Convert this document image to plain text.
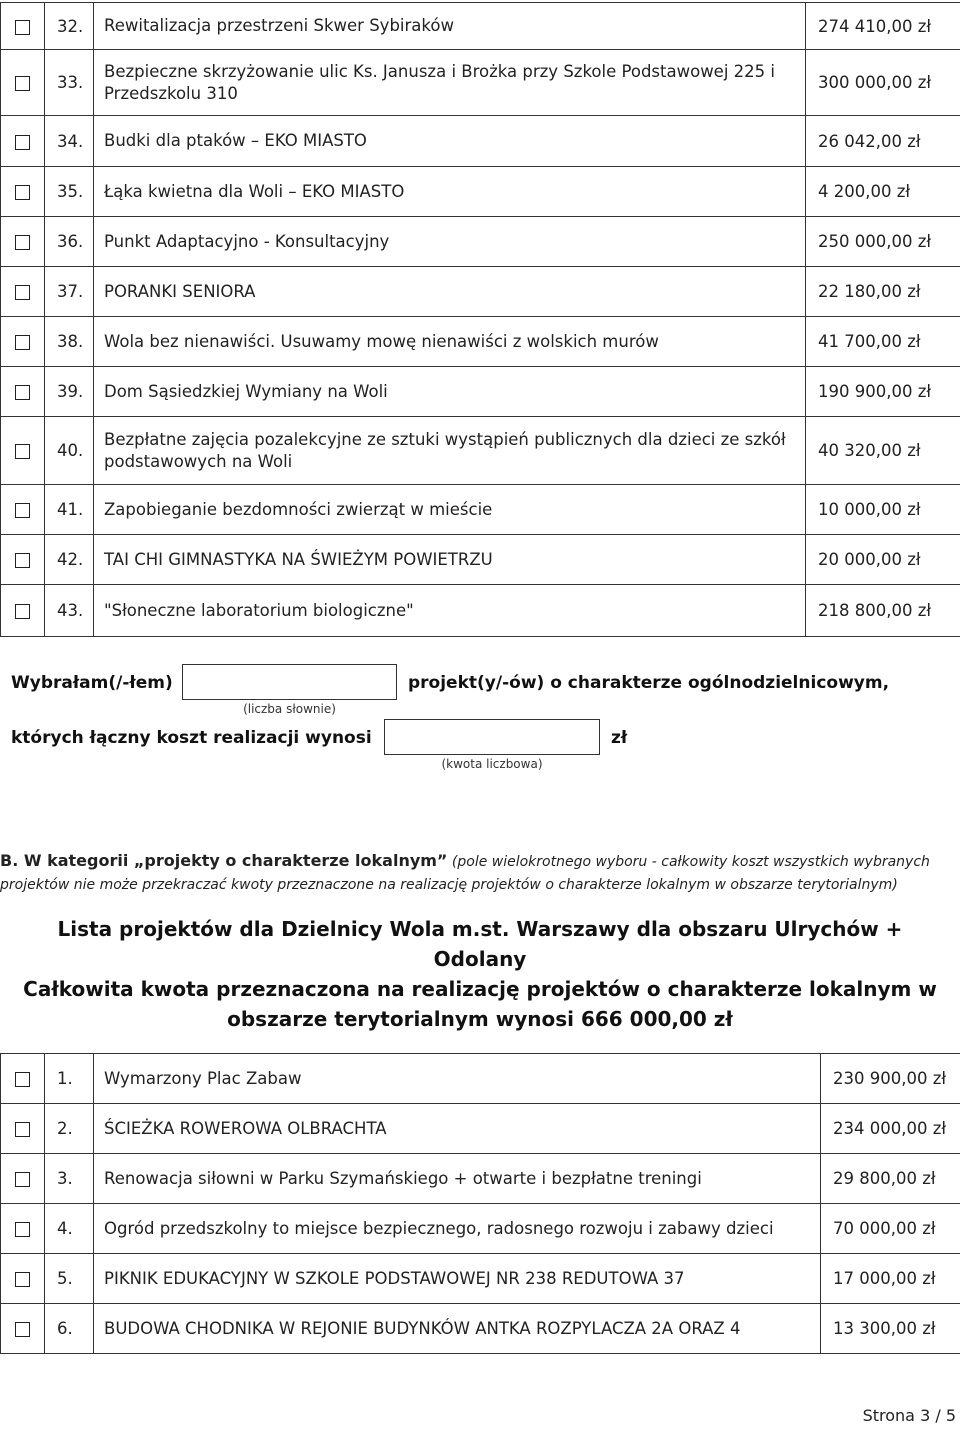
	32.	Rewitalizacja przestrzeni Skwer Sybiraków	274 410,00 zł
	33.	Bezpieczne skrzyżowanie ulic Ks. Janusza i Brożka przy Szkole Podstawowej 225 i Przedszkolu 310	300 000,00 zł
	34.	Budki dla ptaków – EKO MIASTO	26 042,00 zł
	35.	Łąka kwietna dla Woli – EKO MIASTO	4 200,00 zł
	36.	Punkt Adaptacyjno - Konsultacyjny	250 000,00 zł
	37.	PORANKI SENIORA	22 180,00 zł
	38.	Wola bez nienawiści. Usuwamy mowę nienawiści z wolskich murów	41 700,00 zł
	39.	Dom Sąsiedzkiej Wymiany na Woli	190 900,00 zł
	40.	Bezpłatne zajęcia pozalekcyjne ze sztuki wystąpień publicznych dla dzieci ze szkół podstawowych na Woli	40 320,00 zł
	41.	Zapobieganie bezdomności zwierząt w mieście	10 000,00 zł
	42.	TAI CHI GIMNASTYKA NA ŚWIEŻYM POWIETRZU	20 000,00 zł
	43.	"Słoneczne laboratorium biologiczne"	218 800,00 zł
Wybrałam(/-łem)
(liczba słownie)
projekt(y/-ów) o charakterze ogólnodzielnicowym,
których łączny koszt realizacji wynosi
(kwota liczbowa)
zł
B. W kategorii „projekty o charakterze lokalnym” (pole wielokrotnego wyboru - całkowity koszt wszystkich wybranych projektów nie może przekraczać kwoty przeznaczone na realizację projektów o charakterze lokalnym w obszarze terytorialnym)
Lista projektów dla Dzielnicy Wola m.st. Warszawy dla obszaru Ulrychów +
Odolany
Całkowita kwota przeznaczona na realizację projektów o charakterze lokalnym w
obszarze terytorialnym wynosi 666 000,00 zł
	1.	Wymarzony Plac Zabaw	230 900,00 zł
	2.	ŚCIEŻKA ROWEROWA OLBRACHTA	234 000,00 zł
	3.	Renowacja siłowni w Parku Szymańskiego + otwarte i bezpłatne treningi	29 800,00 zł
	4.	Ogród przedszkolny to miejsce bezpiecznego, radosnego rozwoju i zabawy dzieci	70 000,00 zł
	5.	PIKNIK EDUKACYJNY W SZKOLE PODSTAWOWEJ NR 238 REDUTOWA 37	17 000,00 zł
	6.	BUDOWA CHODNIKA W REJONIE BUDYNKÓW ANTKA ROZPYLACZA 2A ORAZ 4	13 300,00 zł
Strona 3 / 5
